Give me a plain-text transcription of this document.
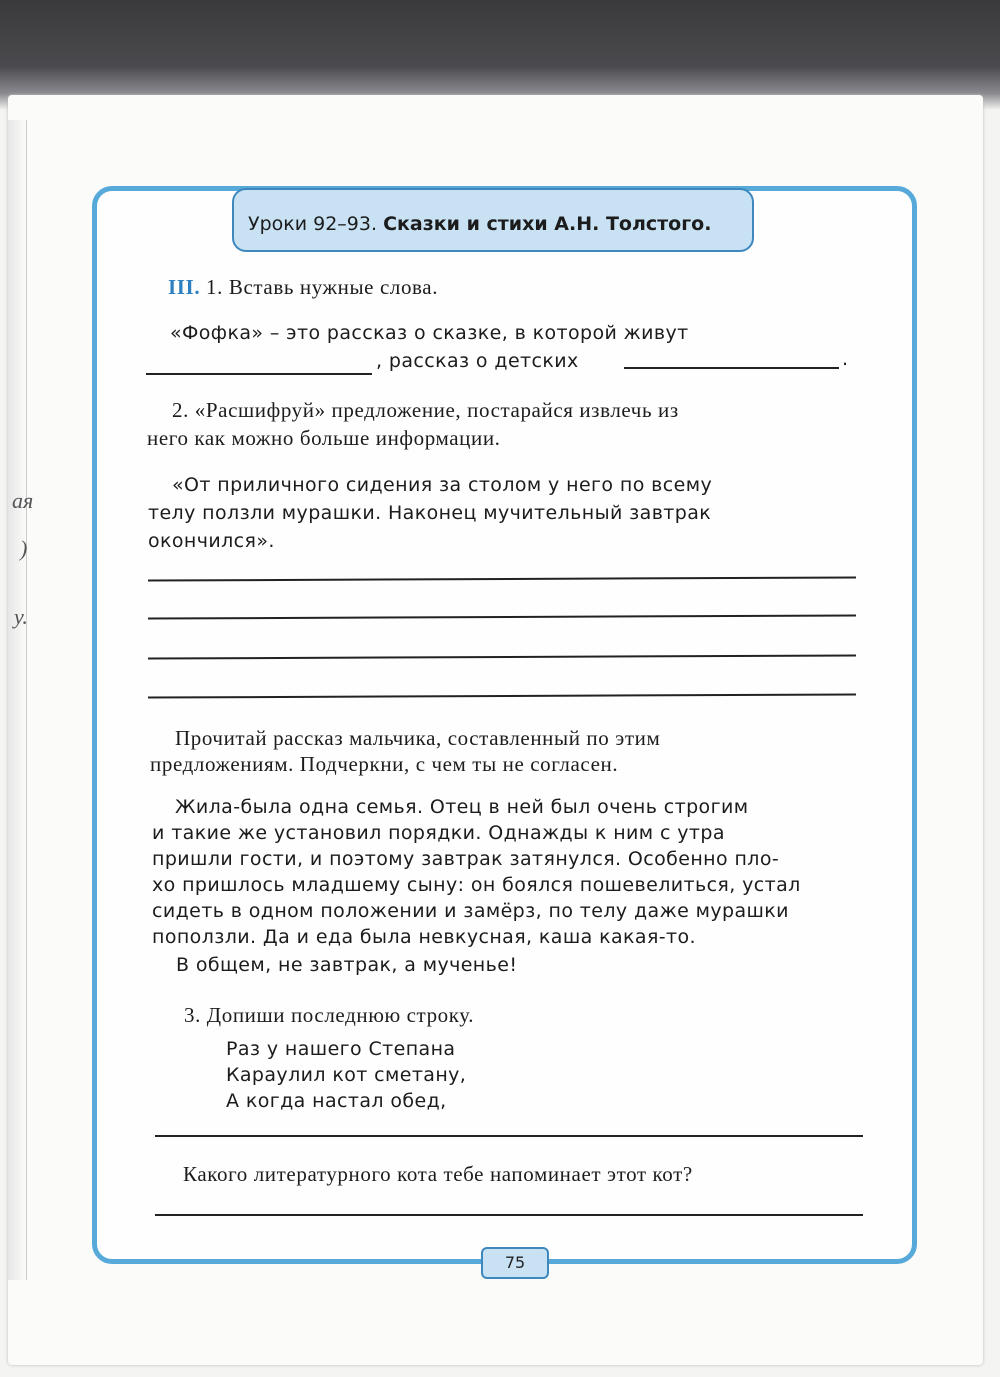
ая
)
у.
Уроки 92–93. Сказки и стихи А.Н. Толстого.
III. 1. Вставь нужные слова.
«Фофка» – это рассказ о сказке, в которой живут
, рассказ о детских	.
2. «Расшифруй» предложение, постарайся извлечь из
него как можно больше информации.
«От приличного сидения за столом у него по всему
телу ползли мурашки. Наконец мучительный завтрак
окончился».
Прочитай рассказ мальчика, составленный по этим
предложениям. Подчеркни, с чем ты не согласен.
Жила-была одна семья. Отец в ней был очень строгим
и такие же установил порядки. Однажды к ним с утра
пришли гости, и поэтому завтрак затянулся. Особенно пло-
хо пришлось младшему сыну: он боялся пошевелиться, устал
сидеть в одном положении и замёрз, по телу даже мурашки
поползли. Да и еда была невкусная, каша какая-то.
В общем, не завтрак, а мученье!
3. Допиши последнюю строку.
Раз у нашего Степана
Караулил кот сметану,
А когда настал обед,
Какого литературного кота тебе напоминает этот кот?
75
